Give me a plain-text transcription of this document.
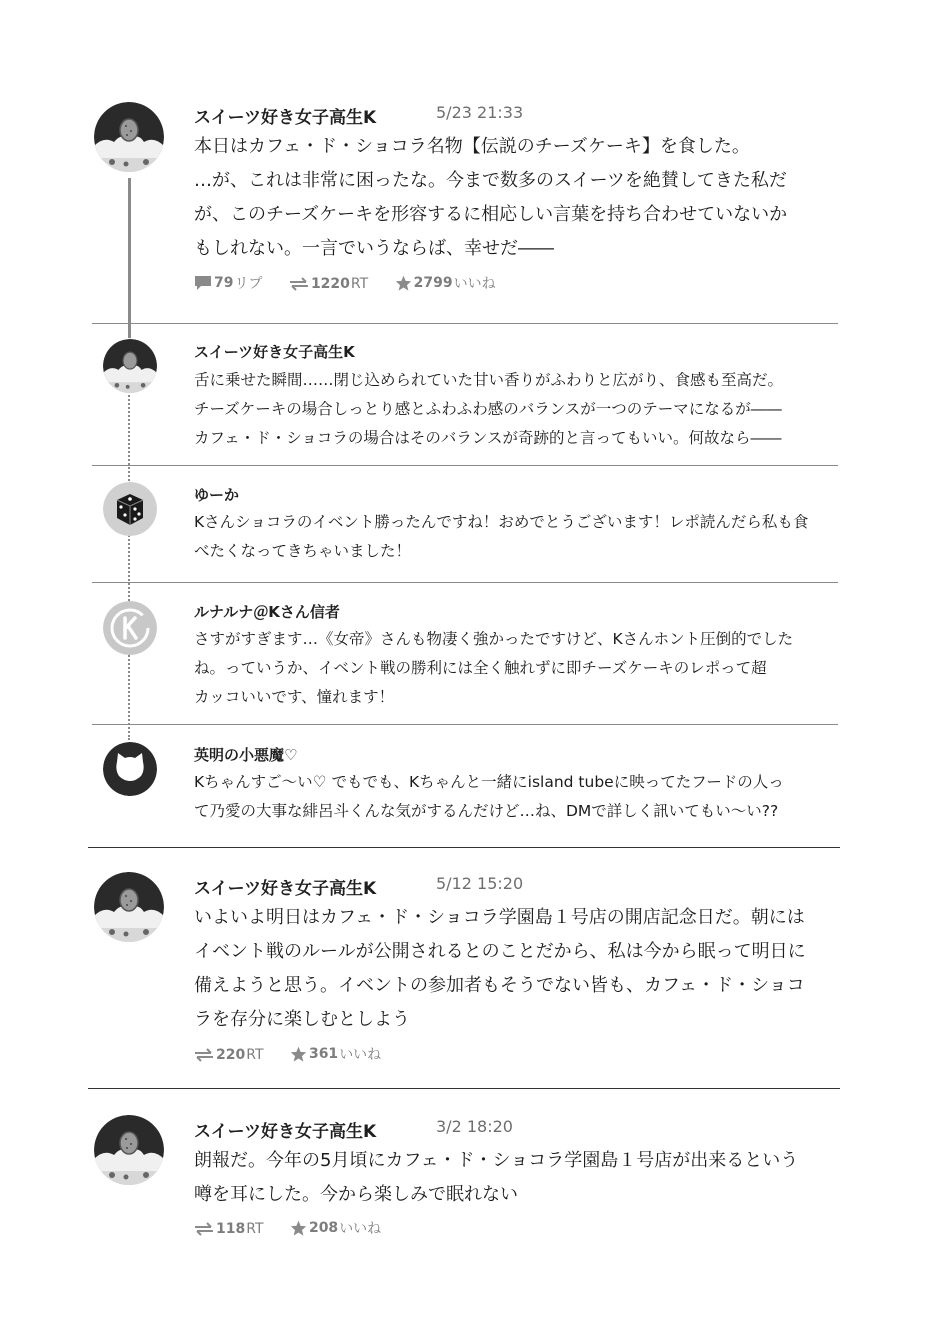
スイーツ好き女子高生K	5/23 21:33
本日はカフェ・ド・ショコラ名物【伝説のチーズケーキ】を食した。
…が、これは非常に困ったな。今まで数多のスイーツを絶賛してきた私だ
が、このチーズケーキを形容するに相応しい言葉を持ち合わせていないか
もしれない。一言でいうならば、幸せだ――
79 リプ
	1220 RT
	2799 いいね
スイーツ好き女子高生K
舌に乗せた瞬間……閉じ込められていた甘い香りがふわりと広がり、食感も至高だ。
チーズケーキの場合しっとり感とふわふわ感のバランスが一つのテーマになるが――
カフェ・ド・ショコラの場合はそのバランスが奇跡的と言ってもいい。何故なら――
ゆーか
Kさんショコラのイベント勝ったんですね！おめでとうございます！レポ読んだら私も食
べたくなってきちゃいました！
ルナルナ＠Kさん信者
さすがすぎます…《女帝》さんも物凄く強かったですけど、Kさんホント圧倒的でした
ね。っていうか、イベント戦の勝利には全く触れずに即チーズケーキのレポって超
カッコいいです、憧れます！
英明の小悪魔♡
Kちゃんすご～い♡ でもでも、Kちゃんと一緒にisland tubeに映ってたフードの人っ
て乃愛の大事な緋呂斗くんな気がするんだけど…ね、DMで詳しく訊いてもい～い??
スイーツ好き女子高生K	5/12 15:20
いよいよ明日はカフェ・ド・ショコラ学園島１号店の開店記念日だ。朝には
イベント戦のルールが公開されるとのことだから、私は今から眠って明日に
備えようと思う。イベントの参加者もそうでない皆も、カフェ・ド・ショコ
ラを存分に楽しむとしよう
220 RT
	361 いいね
スイーツ好き女子高生K	3/2 18:20
朗報だ。今年の5月頃にカフェ・ド・ショコラ学園島１号店が出来るという
噂を耳にした。今から楽しみで眠れない
118 RT
	208 いいね
